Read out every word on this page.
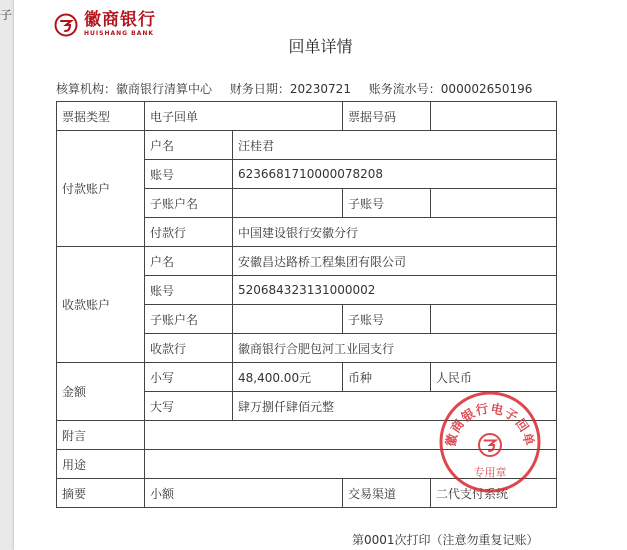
子	徽商银行
HUISHANG BANK
回单详情
核算机构：徽商银行清算中心 财务日期：20230721 账务流水号：000002650196
票据类型	电子回单		票据号码	
付款账户	户名	汪桂君		
	账号	6236681710000078208		
	子账户名		子账号	
	付款行	中国建设银行安徽分行		
收款账户	户名	安徽昌达路桥工程集团有限公司		
	账号	520684323131000002		
	子账户名		子账号	
	收款行	徽商银行合肥包河工业园支行		
金额	小写	48,400.00元	币种	人民币
	大写	肆万捌仟肆佰元整		
附言				
用途				
摘要	小额		交易渠道	二代支付系统
徽商银行电子回单
专用章
第0001次打印（注意勿重复记账）
